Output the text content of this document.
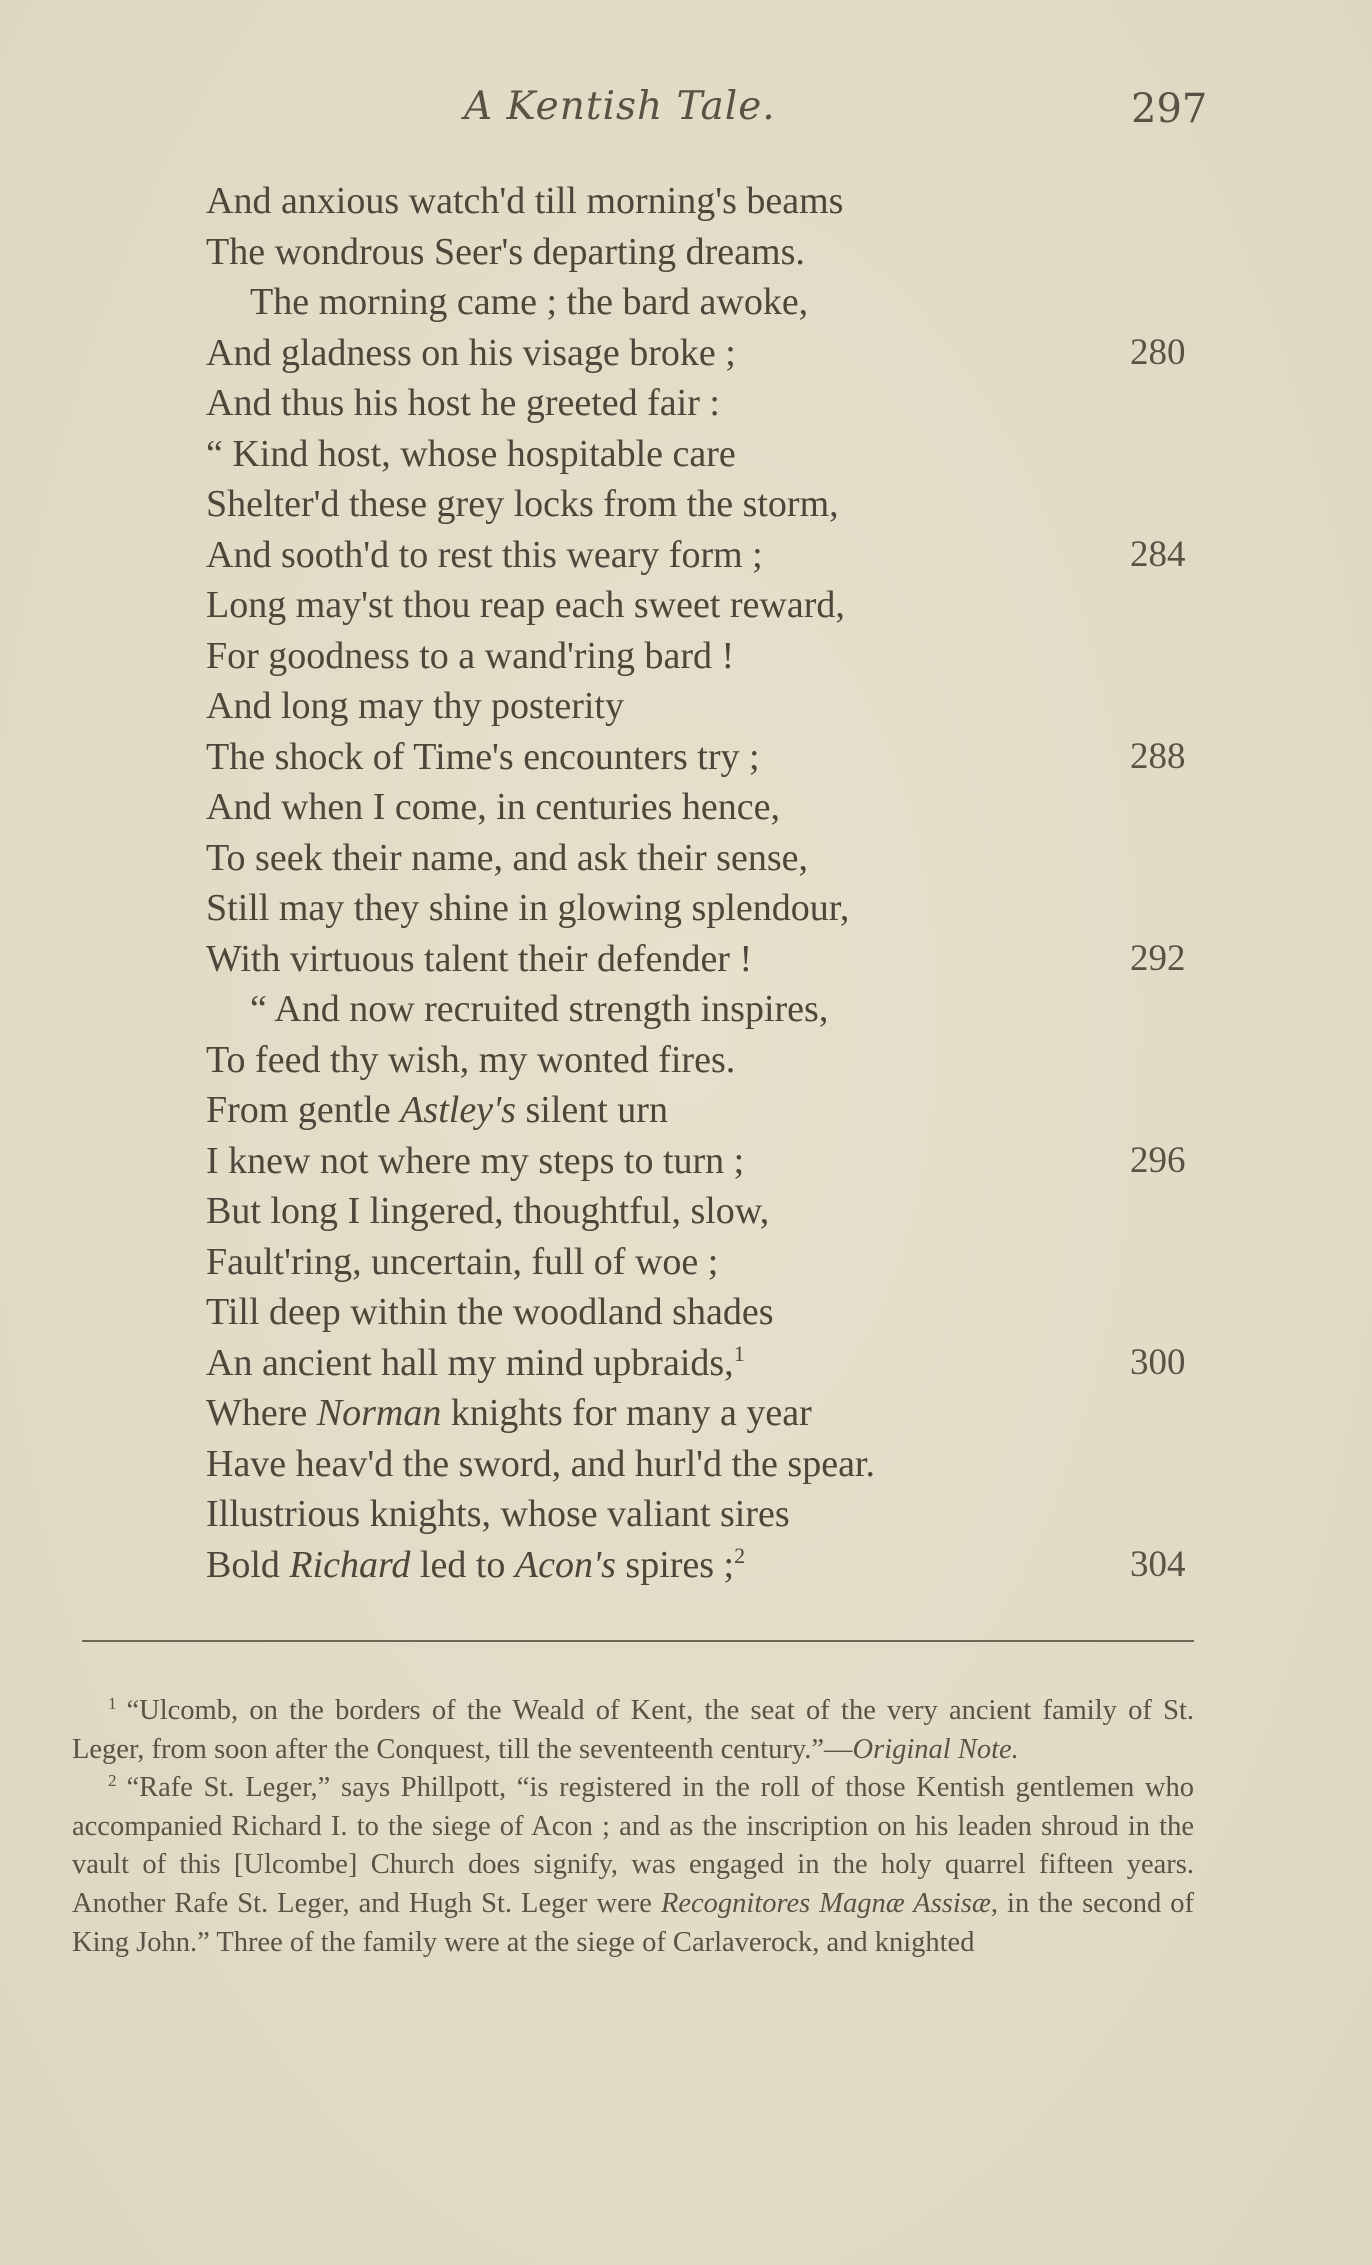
A Kentish Tale.	297
And anxious watch'd till morning's beams
The wondrous Seer's departing dreams.
The morning came ; the bard awoke,
And gladness on his visage broke ;	280
And thus his host he greeted fair :
“ Kind host, whose hospitable care
Shelter'd these grey locks from the storm,
And sooth'd to rest this weary form ;	284
Long may'st thou reap each sweet reward,
For goodness to a wand'ring bard !
And long may thy posterity
The shock of Time's encounters try ;	288
And when I come, in centuries hence,
To seek their name, and ask their sense,
Still may they shine in glowing splendour,
With virtuous talent their defender !	292
“ And now recruited strength inspires,
To feed thy wish, my wonted fires.
From gentle Astley's silent urn
I knew not where my steps to turn ;	296
But long I lingered, thoughtful, slow,
Fault'ring, uncertain, full of woe ;
Till deep within the woodland shades
An ancient hall my mind upbraids,$^1$	300
Where Norman knights for many a year
Have heav'd the sword, and hurl'd the spear.
Illustrious knights, whose valiant sires
Bold Richard led to Acon's spires ;$^2$	304

$^1$ “Ulcomb, on the borders of the Weald of Kent, the seat of the very ancient family of St. Leger, from soon after the Conquest, till the seventeenth century.”—Original Note.

$^2$ “Rafe St. Leger,” says Phillpott, “is registered in the roll of those Kentish gentlemen who accompanied Richard I. to the siege of Acon ; and as the inscription on his leaden shroud in the vault of this [Ulcombe] Church does signify, was engaged in the holy quarrel fifteen years. Another Rafe St. Leger, and Hugh St. Leger were Recognitores Magnæ Assisæ, in the second of King John.” Three of the family were at the siege of Carlaverock, and knighted
